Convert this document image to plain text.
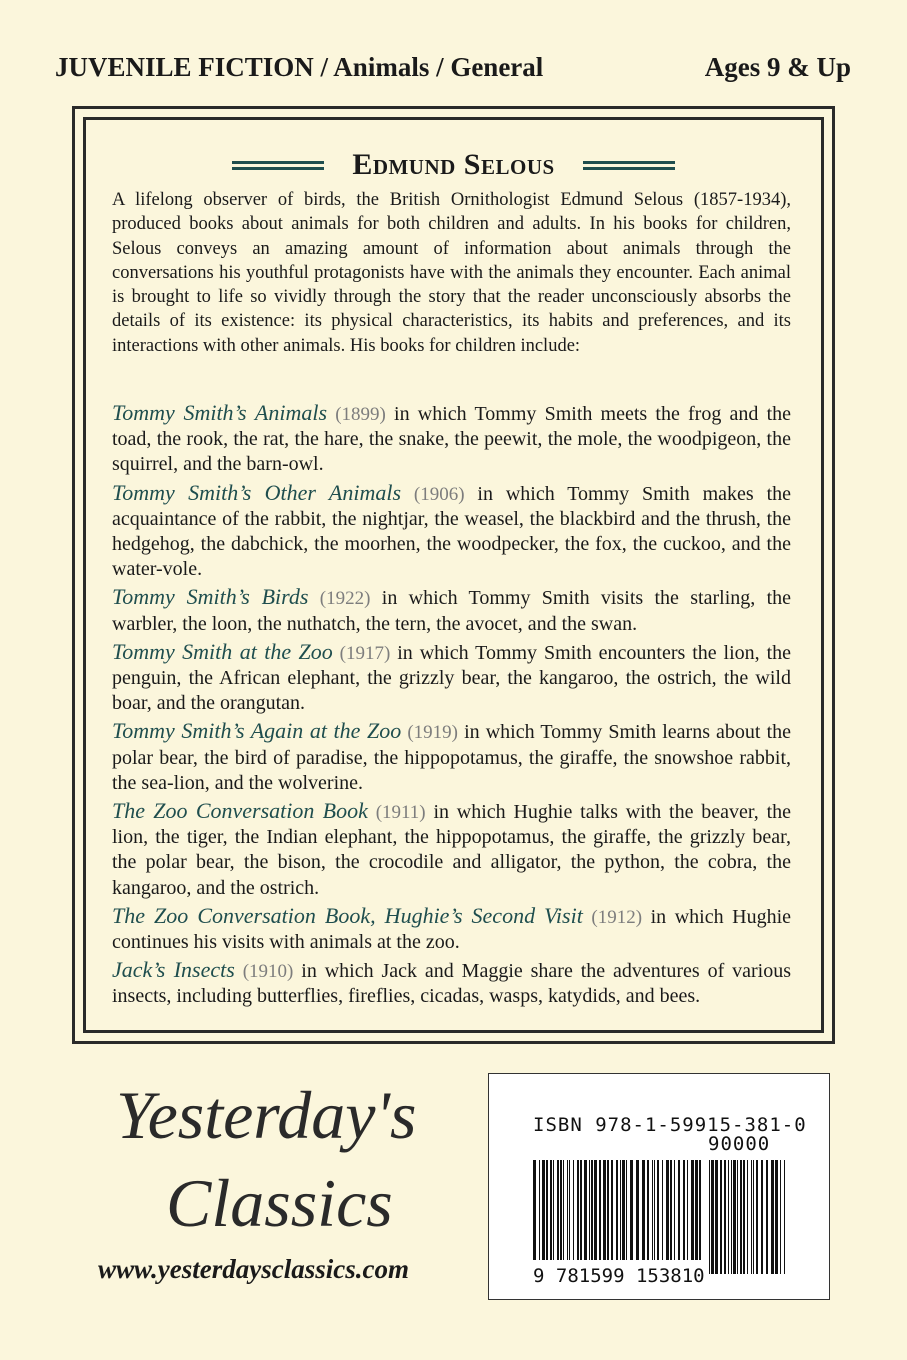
JUVENILE FICTION / Animals / General	Ages 9 & Up
Edmund Selous

A lifelong observer of birds, the British Ornithologist Edmund Selous (1857-1934), produced books about animals for both children and adults. In his books for children, Selous conveys an amazing amount of information about animals through the conversations his youthful protagonists have with the animals they encounter. Each animal is brought to life so vividly through the story that the reader unconsciously absorbs the details of its existence: its physical characteristics, its habits and preferences, and its interactions with other animals. His books for children include:

Tommy Smith’s Animals (1899) in which Tommy Smith meets the frog and the toad, the rook, the rat, the hare, the snake, the peewit, the mole, the woodpigeon, the squirrel, and the barn-owl.

Tommy Smith’s Other Animals (1906) in which Tommy Smith makes the acquaintance of the rabbit, the nightjar, the weasel, the blackbird and the thrush, the hedgehog, the dabchick, the moorhen, the woodpecker, the fox, the cuckoo, and the water-vole.

Tommy Smith’s Birds (1922) in which Tommy Smith visits the starling, the warbler, the loon, the nuthatch, the tern, the avocet, and the swan.

Tommy Smith at the Zoo (1917) in which Tommy Smith encounters the lion, the penguin, the African elephant, the grizzly bear, the kangaroo, the ostrich, the wild boar, and the orangutan.

Tommy Smith’s Again at the Zoo (1919) in which Tommy Smith learns about the polar bear, the bird of paradise, the hippopotamus, the giraffe, the snowshoe rabbit, the sea-lion, and the wolverine.

The Zoo Conversation Book (1911) in which Hughie talks with the beaver, the lion, the tiger, the Indian elephant, the hippopotamus, the giraffe, the grizzly bear, the polar bear, the bison, the crocodile and alligator, the python, the cobra, the kangaroo, and the ostrich.

The Zoo Conversation Book, Hughie’s Second Visit (1912) in which Hughie continues his visits with animals at the zoo.

Jack’s Insects (1910) in which Jack and Maggie share the adventures of various insects, including butterflies, fireflies, cicadas, wasps, katydids, and bees.

Yesterday's
Classics
www.yesterdaysclassics.com
ISBN 978-1-59915-381-0
90000
9 781599 153810
